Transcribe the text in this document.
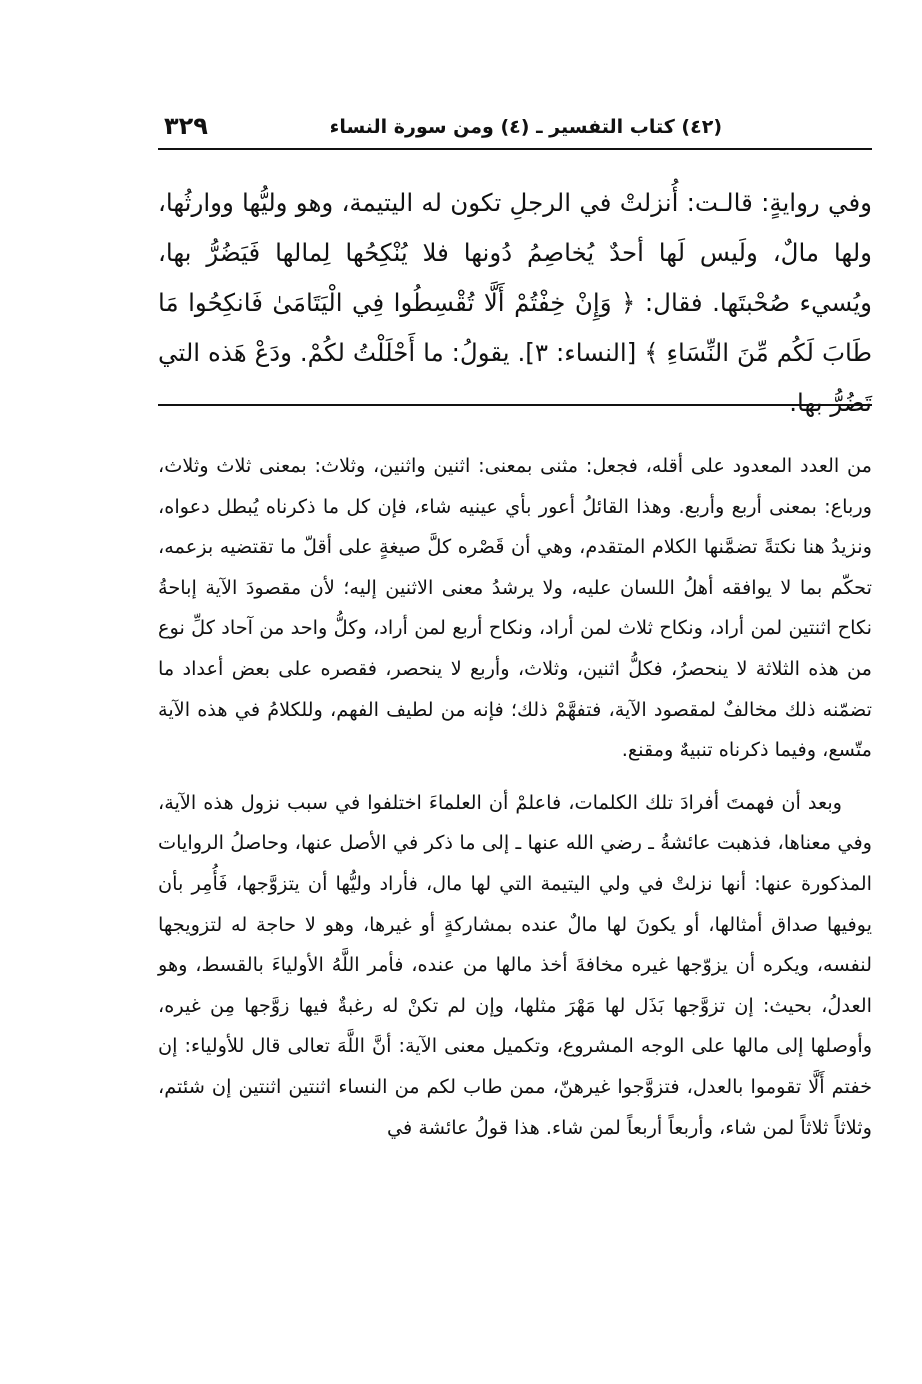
(٤٢) كتاب التفسير ـ (٤) ومن سورة النساء
٣٢٩

وفي روايةٍ: قالـت: أُنزلتْ في الرجلِ تكون له اليتيمة، وهو وليُّها ووارثُها، ولها مالٌ، ولَيس لَها أحدٌ يُخاصِمُ دُونها فلا يُنْكِحُها لِمالها فَيَضُرُّ بها، ويُسيء صُحْبتَها. فقال: ﴿ وَإِنْ خِفْتُمْ أَلَّا تُقْسِطُوا فِي الْيَتَامَىٰ فَانكِحُوا مَا طَابَ لَكُم مِّنَ النِّسَاءِ ﴾ [النساء: ٣]. يقولُ: ما أَحْلَلْتُ لكُمْ. ودَعْ هَذه التي تَضُرُّ بها.

من العدد المعدود على أقله، فجعل: مثنى بمعنى: اثنين واثنين، وثلاث: بمعنى ثلاث وثلاث، ورباع: بمعنى أربع وأربع. وهذا القائلُ أعور بأي عينيه شاء، فإن كل ما ذكرناه يُبطل دعواه، ونزيدُ هنا نكتةً تضمَّنها الكلام المتقدم، وهي أن قَصْره كلَّ صيغةٍ على أقلّ ما تقتضيه بزعمه، تحكّم بما لا يوافقه أهلُ اللسان عليه، ولا يرشدُ معنى الاثنين إليه؛ لأن مقصودَ الآية إباحةُ نكاح اثنتين لمن أراد، ونكاح ثلاث لمن أراد، ونكاح أربع لمن أراد، وكلُّ واحد من آحاد كلِّ نوع من هذه الثلاثة لا ينحصرُ، فكلُّ اثنين، وثلاث، وأربع لا ينحصر، فقصره على بعض أعداد ما تضمّنه ذلك مخالفٌ لمقصود الآية، فتفهَّمْ ذلك؛ فإنه من لطيف الفهم، وللكلامُ في هذه الآية متّسع، وفيما ذكرناه تنبيهٌ ومقنع.

وبعد أن فهمتَ أفرادَ تلك الكلمات، فاعلمْ أن العلماءَ اختلفوا في سبب نزول هذه الآية، وفي معناها، فذهبت عائشةُ ـ رضي الله عنها ـ إلى ما ذكر في الأصل عنها، وحاصلُ الروايات المذكورة عنها: أنها نزلتْ في ولي اليتيمة التي لها مال، فأراد وليُّها أن يتزوَّجها، فَأُمِر بأن يوفيها صداق أمثالها، أو يكونَ لها مالٌ عنده بمشاركةٍ أو غيرها، وهو لا حاجة له لتزويجها لنفسه، ويكره أن يزوّجها غيره مخافةَ أخذ مالها من عنده، فأمر اللَّهُ الأولياءَ بالقسط، وهو العدلُ، بحيث: إن تزوَّجها بَذَل لها مَهْرَ مثلها، وإن لم تكنْ له رغبةٌ فيها زوَّجها مِن غيره، وأوصلها إلى مالها على الوجه المشروع، وتكميل معنى الآية: أنَّ اللَّهَ تعالى قال للأولياء: إن خفتم أَلَّا تقوموا بالعدل، فتزوَّجوا غيرهنّ، ممن طاب لكم من النساء اثنتين اثنتين إن شئتم، وثلاثاً ثلاثاً لمن شاء، وأربعاً أربعاً لمن شاء. هذا قولُ عائشة في
